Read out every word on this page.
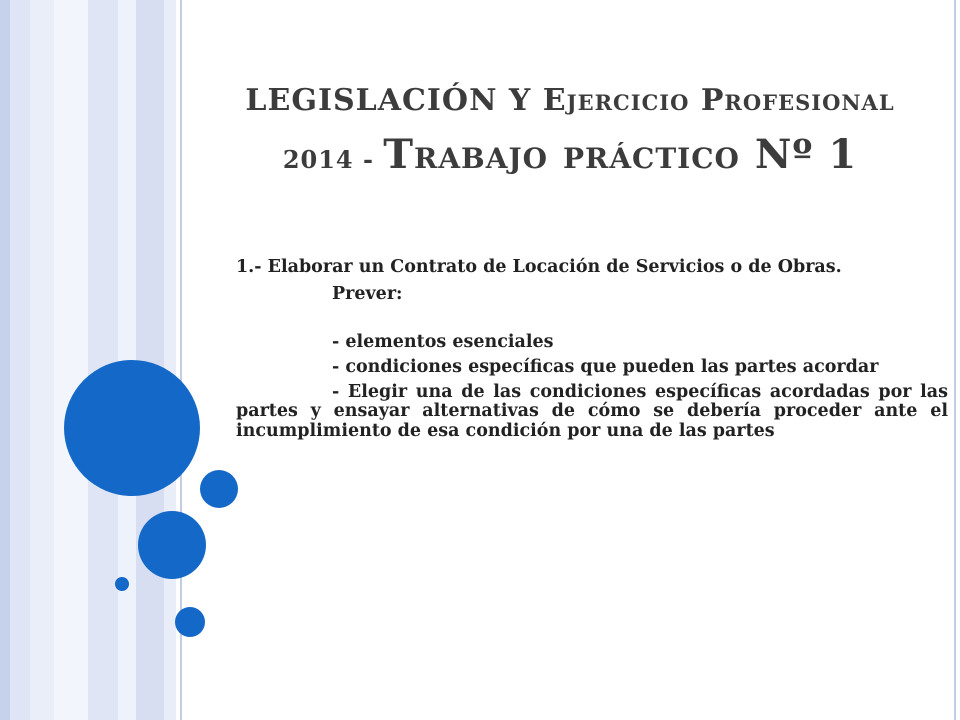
LEGISLACIÓN Y Ejercicio Profesional
2014 - Trabajo práctico Nº 1

1.- Elaborar un Contrato de Locación de Servicios o de Obras.

Prever:

- elementos esenciales

- condiciones específicas que pueden las partes acordar

- Elegir una de las condiciones específicas acordadas por las partes y ensayar alternativas de cómo se debería proceder ante el incumplimiento de esa condición por una de las partes
